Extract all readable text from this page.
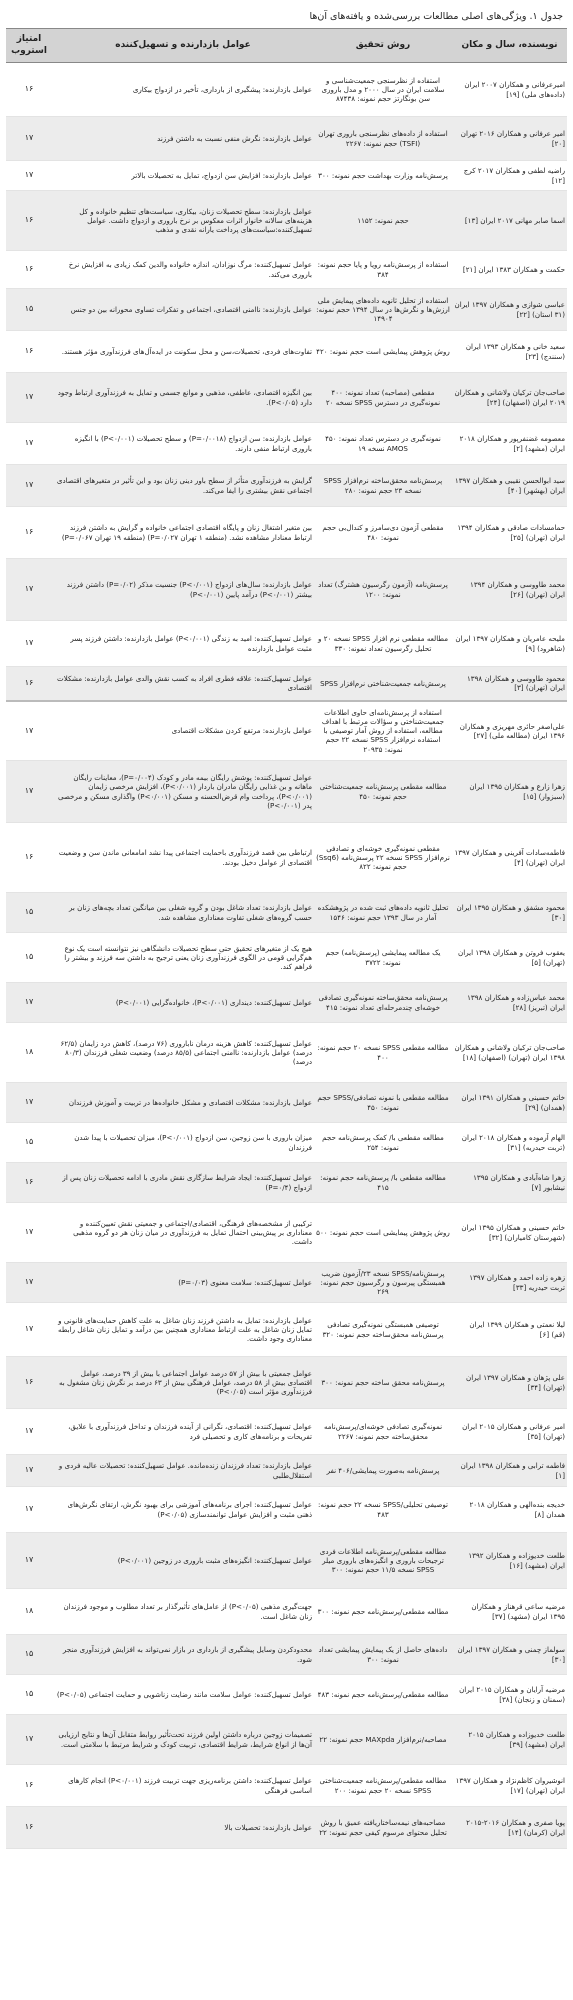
جدول ۱. ویژگی‌های اصلی مطالعات بررسی‌شده و یافته‌های آن‌ها
نویسنده، سال و مکان	روش تحقیق	عوامل بازدارنده و تسهیل‌کننده	امتیاز استروب
امیرعرفانی و همکاران ۲۰۰۷ ایران (داده‌های ملی) [۱۹]	استفاده از نظرسنجی جمعیت‌شناسی و سلامت ایران در سال ۲۰۰۰ و مدل باروری سن بونگارتز حجم نمونه: ۸۷۴۳۸	عوامل بازدارنده: پیشگیری از بارداری، تأخیر در ازدواج بیکاری	۱۶
امیر عرفانی و همکاران ۲۰۱۶ تهران [۲۰]	استفاده از داده‌های نظرسنجی باروری تهران (TSFI) حجم نمونه: ۲۲۶۷	عوامل بازدارنده: نگرش منفی نسبت به داشتن فرزند	۱۷
راضیه لطفی و همکاران ۲۰۱۷ کرج [۱۲]	پرسش‌نامه وزارت بهداشت حجم نمونه: ۳۰۰	عوامل بازدارنده: افزایش سن ازدواج، تمایل به تحصیلات بالاتر	۱۷
اسما صابر مهانی ۲۰۱۷ ایران [۱۳]	حجم نمونه: ۱۱۵۲	عوامل بازدارنده: سطح تحصیلات زنان، بیکاری، سیاست‌های تنظیم خانواده و کل هزینه‌های سالانه خانوار اثرات معکوس بر نرخ باروری و ازدواج داشت. عوامل تسهیل‌کننده:سیاست‌های پرداخت یارانه نقدی و مذهب	۱۶
حکمت و همکاران ۱۳۸۳ ایران [۲۱]	استفاده از پرسش‌نامه رویا و پایا حجم نمونه: ۳۸۴	عوامل تسهیل‌کننده: مرگ نوزادان، اندازه خانواده والدین کمک زیادی به افزایش نرخ باروری می‌کند.	۱۶
عباسی شوازی و همکاران ۱۳۹۷ ایران (۳۱ استان) [۲۲]	استفاده از تحلیل ثانویه داده‌های پیمایش ملی ارزش‌ها و نگرش‌ها در سال ۱۳۹۴ حجم نمونه: ۱۴۹۰۴	عوامل بازدارنده: ناامنی اقتصادی، اجتماعی و تفکرات تساوی محورانه بین دو جنس	۱۵
سعید خانی و همکاران ۱۳۹۳ ایران (سنندج) [۲۳]	روش پژوهش پیمایشی است حجم نمونه: ۴۲۰	تفاوت‌های فردی، تحصیلات،سن و محل سکونت در ایده‌آل‌های فرزندآوری مؤثر هستند.	۱۶
صاحب‌جان ترکیان ولاشانی و همکاران ۲۰۱۹ ایران (اصفهان) [۲۴]	مقطعی (مصاحبه) تعداد نمونه: ۴۰۰ نمونه‌گیری در دسترس SPSS نسخه ۲۰	بین انگیزه اقتصادی، عاطفی، مذهبی و موانع جسمی و تمایل به فرزندآوری ارتباط وجود دارد (P<۰/۰۵).	۱۷
معصومه غضنفرپور و همکاران ۲۰۱۸ ایران (مشهد) [۲]	نمونه‌گیری در دسترس تعداد نمونه: ۴۵۰ AMOS نسخه ۱۹	عوامل بازدارنده: سن ازدواج (P=۰/۰۰۱۸) و سطح تحصیلات (P<۰/۰۰۱) با انگیزه باروری ارتباط منفی دارند.	۱۷
سید ابوالحسن نقیبی و همکاران ۱۳۹۷ ایران (بهشهر) [۴۰]	پرسش‌نامه محقق‌ساخته نرم‌افزار SPSS نسخه ۲۳ حجم نمونه: ۲۸۰	گرایش به فرزندآوری متأثر از سطح باور دینی زنان بود و این تأثیر در متغیرهای اقتصادی اجتماعی نقش بیشتری را ایفا می‌کند.	۱۷
حمامسادات صادقی و همکاران ۱۳۹۴ ایران (تهران) [۲۵]	مقطعی آزمون دی‌سامرز و کندال‌بی حجم نمونه: ۴۸۰	بین متغیر اشتغال زنان و پایگاه اقتصادی اجتماعی خانواده و گرایش به داشتن فرزند ارتباط معنادار مشاهده نشد. (منطقه ۱ تهران P=۰/۰۲۷) (منطقه ۱۹ تهران P=۰/۰۶۷)	۱۶
محمد طاووسی و همکاران ۱۳۹۴ ایران (تهران) [۲۶]	پرسش‌نامه (آزمون رگرسیون هشترگ) تعداد نمونه: ۱۲۰۰	عوامل بازدارنده: سال‌های ازدواج (P<۰/۰۰۱) جنسیت مذکر (P=۰/۰۲) داشتن فرزند بیشتر (P<۰/۰۰۱) درآمد پایین (P<۰/۰۰۱)	۱۷
ملیحه عامریان و همکاران ۱۳۹۷ ایران (شاهرود) [۹]	مطالعه مقطعی نرم افزار SPSS نسخه ۲۰ و تحلیل رگرسیون تعداد نمونه: ۳۳۰	عوامل تسهیل‌کننده: امید به زندگی (P<۰/۰۰۱) عوامل بازدارنده: داشتن فرزند پسر مثبت عوامل بازدارنده	۱۷
محمود طاووسی و همکاران ۱۳۹۸ ایران (تهران) [۳]	پرسش‌نامه جمعیت‌شناختی نرم‌افزار SPSS	عوامل تسهیل‌کننده: علاقه فطری افراد به کسب نقش والدی عوامل بازدارنده: مشکلات اقتصادی	۱۶
علی‌اصغر حائری مهریزی و همکاران ۱۳۹۶ ایران (مطالعه ملی) [۲۷]	استفاده از پرسش‌نامه‌ای حاوی اطلاعات جمعیت‌شناختی و سؤالات مرتبط با اهداف مطالعه، استفاده از روش آمار توصیفی با استفاده نرم‌افزار SPSS نسخه ۲۲ حجم نمونه: ۲۰۹۳۵	عوامل بازدارنده: مرتفع کردن مشکلات اقتصادی	۱۷
زهرا زارع و همکاران ۱۳۹۵ ایران (سبزوار) [۱۵]	مطالعه مقطعی پرسش‌نامه جمعیت‌شناختی حجم نمونه: ۴۵۰	عوامل تسهیل‌کننده: پوشش رایگان بیمه مادر و کودک (P=۰/۰۰۴)، معاینات رایگان ماهانه و بن غذایی رایگان مادران باردار (P<۰/۰۰۱)، افزایش مرخصی زایمان (P<۰/۰۰۱)، پرداخت وام قرض‌الحسنه و مسکن (P<۰/۰۰۱) واگذاری مسکن و مرخصی پدر (P<۰/۰۰۱)	۱۷
فاطمه‌سادات آفرینی و همکاران ۱۳۹۷ ایران (تهران) [۴]	مقطعی نمونه‌گیری خوشه‌ای و تصادفی نرم‌افزار SPSS نسخه ۲۲ پرسش‌نامه (Ssq6) حجم نمونه: ۸۲۲	ارتباطی بین قصد فرزندآوری باحمایت اجتماعی پیدا نشد امامعانی ماندن سن و وضعیت اقتصادی از عوامل دخیل بودند.	۱۶
محمود مشفق و همکاران ۱۳۹۵ ایران [۳۰]	تحلیل ثانویه داده‌های ثبت شده در پژوهشکده آمار در سال ۱۳۹۳ حجم نمونه: ۱۵۴۶	عوامل بازدارنده: تعداد شاغل بودن و گروه شغلی بین میانگین تعداد بچه‌های زنان بر حسب گروه‌های شغلی تفاوت معناداری مشاهده شد.	۱۵
یعقوب فروتن و همکاران ۱۳۹۸ ایران (تهران) [۵]	یک مطالعه پیمایشی (پرسش‌نامه) حجم نمونه: ۳۷۲۲	هیچ یک از متغیرهای تحقیق حتی سطح تحصیلات دانشگاهی نیز نتوانسته است یک نوع هم‌گرایی قومی در الگوی فرزندآوری زنان یعنی ترجیح به داشتن سه فرزند و بیشتر را فراهم کند.	۱۵
محمد عباس‌زاده و همکاران ۱۳۹۸ ایران (تبریز) [۲۸]	پرسش‌نامه محقق‌ساخته نمونه‌گیری تصادفی خوشه‌ای چندمرحله‌ای تعداد نمونه: ۴۱۵	عوامل تسهیل‌کننده: دینداری (P<۰/۰۰۱)، خانواده‌گرایی (P<۰/۰۰۱)	۱۷
صاحب‌جان ترکیان ولاشانی و همکاران ۱۳۹۸ ایران (تهران) (اصفهان) [۱۸]	مطالعه مقطعی SPSS نسخه ۲۰ حجم نمونه: ۴۰۰	عوامل تسهیل‌کننده: کاهش هزینه درمان ناباروری (۷۶ درصد)، کاهش درد زایمان (۶۲/۵ درصد) عوامل بازدارنده: ناامنی اجتماعی (۸۵/۵ درصد) وضعیت شغلی فرزندان (۸۰/۳ درصد)	۱۸
خاتم حسینی و همکاران ۱۳۹۱ ایران (همدان) [۲۹]	مطالعه مقطعی با نمونه تصادفی/SPSS حجم نمونه: ۴۵۰	عوامل بازدارنده: مشکلات اقتصادی و مشکل خانواده‌ها در تربیت و آموزش فرزندان	۱۷
الهام آرموده و همکاران ۲۰۱۸ ایران (تربت حیدریه) [۳۱]	مطالعه مقطعی با/ کمک پرسش‌نامه حجم نمونه: ۲۵۴	میزان باروری با سن زوجین، سن ازدواج (P<۰/۰۰۱)، میزان تحصیلات با پیدا شدن فرزندان	۱۵
زهرا شاه‌آبادی و همکاران ۱۳۹۵ نیشابور [۷]	مطالعه مقطعی با/ پرسش‌نامه حجم نمونه: ۴۱۵	عوامل تسهیل‌کننده: ایجاد شرایط سازگاری نقش مادری با ادامه تحصیلات زنان پس از ازدواج (P=۰/۴)	۱۶
خاتم حسینی و همکاران ۱۳۹۵ ایران (شهرستان کامیاران) [۳۲]	روش پژوهش پیمایشی است حجم نمونه: ۵۰۰	ترکیبی از مشخصه‌های فرهنگی، اقتصادی/اجتماعی و جمعیتی نقش تعیین‌کننده و معناداری بر پیش‌بینی احتمال تمایل به فرزندآوری در میان زنان هر دو گروه مذهبی داشت.	۱۷
زهره زاده احمد و همکاران ۱۳۹۷ تربت حیدریه [۳۳]	پرسش‌نامه/SPSS نسخه ۲۳/آزمون ضریب همبستگی پیرسون و رگرسیون حجم نمونه: ۲۶۹	عوامل تسهیل‌کننده: سلامت معنوی (P=۰/۰۳)	۱۷
لیلا نعمتی و همکاران ۱۳۹۹ ایران (قم) [۶]	توصیفی همبستگی نمونه‌گیری تصادفی پرسش‌نامه محقق‌ساخته حجم نمونه: ۳۲۰	عوامل بازدارنده: تمایل به داشتن فرزند زنان شاغل به علت کاهش حمایت‌های قانونی و تمایل زنان شاغل به علت ارتباط معناداری همچنین بین درآمد و تمایل زنان شاغل رابطه معناداری وجود داشت.	۱۷
علی پژهان و همکاران ۱۳۹۷ ایران (تهران) [۳۴]	پرسش‌نامه محقق ساخته حجم نمونه: ۳۰۰	عوامل جمعیتی با بیش از ۵۷ درصد عوامل اجتماعی با بیش از ۳۹ درصد، عوامل اقتصادی بیش از ۵۸ درصد، عوامل فرهنگی بیش از ۶۳ درصد بر نگرش زنان مشغول به فرزندآوری مؤثر است (P<۰/۰۵)	۱۶
امیر عرفانی و همکاران ۲۰۱۵ ایران (تهران) [۳۵]	نمونه‌گیری تصادفی خوشه‌ای/پرسش‌نامه محقق‌ساخته حجم نمونه: ۲۲۶۷	عوامل تسهیل‌کننده: اقتصادی، نگرانی از آینده فرزندان و تداخل فرزندآوری با علایق، تفریحات و برنامه‌های کاری و تحصیلی فرد	۱۷
فاطمه ترابی و همکاران ۱۳۹۸ ایران [۱]	پرسش‌نامه به‌صورت پیمایشی/۴۰۶ نفر	عوامل بازدارنده: تعداد فرزندان زنده‌مانده. عوامل تسهیل‌کننده: تحصیلات عالیه فردی و استقلال‌طلبی	۱۷
خدیجه بنده‌الهی و همکاران ۲۰۱۸ همدان [۸]	توصیفی تحلیلی/SPSS نسخه ۲۲ حجم نمونه: ۴۸۳	عوامل تسهیل‌کننده: اجرای برنامه‌های آموزشی برای بهبود نگرش، ارتقای نگرش‌های ذهنی مثبت و افزایش عوامل توانمندسازی (P<۰/۰۵)	۱۷
طلعت خدیوزاده و همکاران ۱۳۹۲ ایران (مشهد) [۱۶]	مطالعه مقطعی/پرسش‌نامه اطلاعات فردی ترجیحات باروری و انگیزه‌های باروری میلر SPSS نسخه ۱۱/۵ حجم نمونه: ۳۰۰	عوامل تسهیل‌کننده: انگیزه‌های مثبت باروری در زوجین (P<۰/۰۰۱)	۱۷
مرضیه ساعی قرهناز و همکاران ۱۳۹۵ ایران (مشهد) [۳۷]	مطالعه مقطعی/پرسش‌نامه حجم نمونه: ۳۰۰	جهت‌گیری مذهبی (P<۰/۰۵) از عامل‌های تأثیرگذار بر تعداد مطلوب و موجود فرزندان زنان شاغل است.	۱۸
سولماز چمنی و همکاران ۱۳۹۷ ایران [۳۰]	داده‌های حاصل از یک پیمایش پیمایشی تعداد نمونه: ۳۰۰	محدودکردن وسایل پیشگیری از بارداری در بازار نمی‌تواند به افزایش فرزندآوری منجر شود.	۱۵
مرضیه آرایان و همکاران ۲۰۱۵ ایران (سمنان و زنجان) [۳۸]	مطالعه مقطعی/پرسش‌نامه حجم نمونه: ۴۸۳	عوامل تسهیل‌کننده: عوامل سلامت مانند رضایت زناشویی و حمایت اجتماعی (P<۰/۰۵)	۱۵
طلعت خدیوزاده و همکاران ۲۰۱۵ ایران (مشهد) [۳۹]	مصاحبه/نرم‌افزار MAXpda حجم نمونه: ۲۲	تصمیمات زوجین درباره داشتن اولین فرزند تحت‌تأثیر روابط متقابل آن‌ها و نتایج ارزیابی آن‌ها از انواع شرایط، شرایط اقتصادی، تربیت کودک و شرایط مرتبط با سلامتی است.	۱۷
انوشیروان کاظم‌نژاد و همکاران ۱۳۹۷ ایران (تهران) [۱۷]	مطالعه مقطعی/پرسش‌نامه جمعیت‌شناختی SPSS نسخه ۲۰ حجم نمونه: ۲۰۰	عوامل تسهیل‌کننده: داشتن برنامه‌ریزی جهت تربیت فرزند (P<۰/۰۰۱) انجام کارهای اساسی فرهنگی	۱۶
پویا صفری و همکاران ۲۰۱۶-۲۰۱۵ ایران (کرمان) [۱۴]	مصاحبه‌های نیمه‌ساختاریافته عمیق با روش تحلیل محتوای مرسوم کیفی حجم نمونه: ۲۲	عوامل بازدارنده: تحصیلات بالا	۱۶
